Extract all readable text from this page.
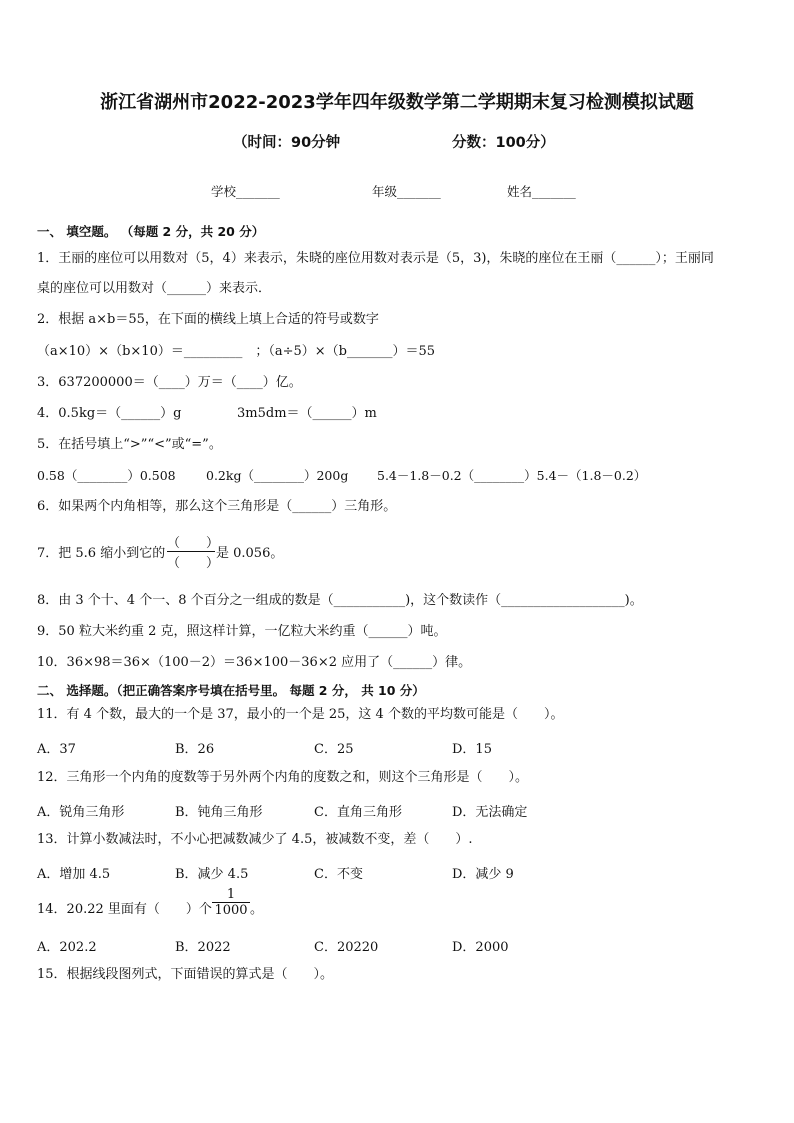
浙江省湖州市2022-2023学年四年级数学第二学期期末复习检测模拟试题
（时间：90分钟	分数：100分）
学校_______	年级_______	姓名_______
一、 填空题。 （每题 2 分，共 20 分）
1．王丽的座位可以用数对（5，4）来表示，朱晓的座位用数对表示是（5，3)，朱晓的座位在王丽（______）；王丽同
桌的座位可以用数对（______）来表示．
2．根据 a×b＝55，在下面的横线上填上合适的符号或数字
（a×10）×（b×10）＝_________　；（a÷5）×（b_______）＝55
3．637200000＝（____）万＝（____）亿。
4．0.5kg＝（______）g	3m5dm＝（______）m
5．在括号填上“>”“<”或“=”。
0.58（________）0.508 0.2kg（________）200g 5.4－1.8－0.2（________）5.4－（1.8－0.2）
6．如果两个内角相等，那么这个三角形是（______）三角形。
7．把 5.6 缩小到它的
（　　）
（　　）
是 0.056。
8．由 3 个十、4 个一、8 个百分之一组成的数是（___________)，这个数读作（___________________)。
9．50 粒大米约重 2 克，照这样计算，一亿粒大米约重（______）吨。
10．36×98＝36×（100－2）＝36×100－36×2 应用了（______）律。
二、 选择题。（把正确答案序号填在括号里。 每题 2 分， 共 10 分）
11．有 4 个数，最大的一个是 37，最小的一个是 25，这 4 个数的平均数可能是（　　）。
A．37	B．26	C．25	D．15
12．三角形一个内角的度数等于另外两个内角的度数之和，则这个三角形是（　　）。
A．锐角三角形	B．钝角三角形	C．直角三角形	D．无法确定
13．计算小数减法时，不小心把减数减少了 4.5，被减数不变，差（　　）.
A．增加 4.5	B．减少 4.5	C．不变	D．减少 9
14．20.22 里面有（　　）个
1
1000 。
A．202.2	B．2022	C．20220	D．2000
15．根据线段图列式，下面错误的算式是（　　）。
